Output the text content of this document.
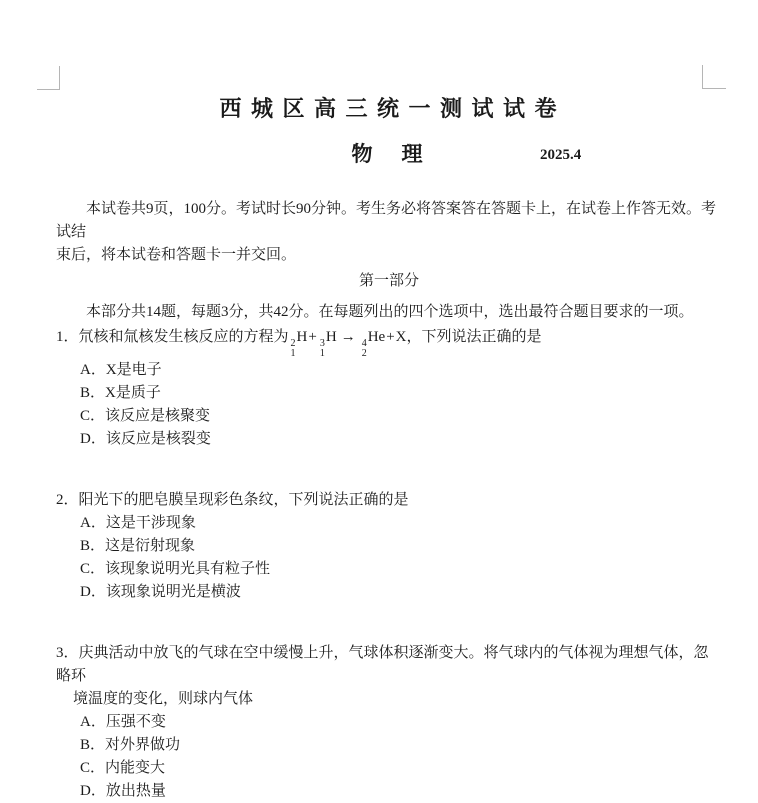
西 城 区 高 三 统 一 测 试 试 卷
物　理	2025.4
本试卷共9页，100分。考试时长90分钟。考生务必将答案答在答题卡上，在试卷上作答无效。考试结
束后，将本试卷和答题卡一并交回。
第一部分
本部分共14题，每题3分，共42分。在每题列出的四个选项中，选出最符合题目要求的一项。
1．氘核和氚核发生核反应的方程为 2
1
H+ 3
1
H → 4
2
He+X，下列说法正确的是
A．X是电子
B．X是质子
C．该反应是核聚变
D．该反应是核裂变
2．阳光下的肥皂膜呈现彩色条纹，下列说法正确的是
A．这是干涉现象
B．这是衍射现象
C．该现象说明光具有粒子性
D．该现象说明光是横波
3．庆典活动中放飞的气球在空中缓慢上升，气球体积逐渐变大。将气球内的气体视为理想气体，忽略环
境温度的变化，则球内气体
A．压强不变
B．对外界做功
C．内能变大
D．放出热量
